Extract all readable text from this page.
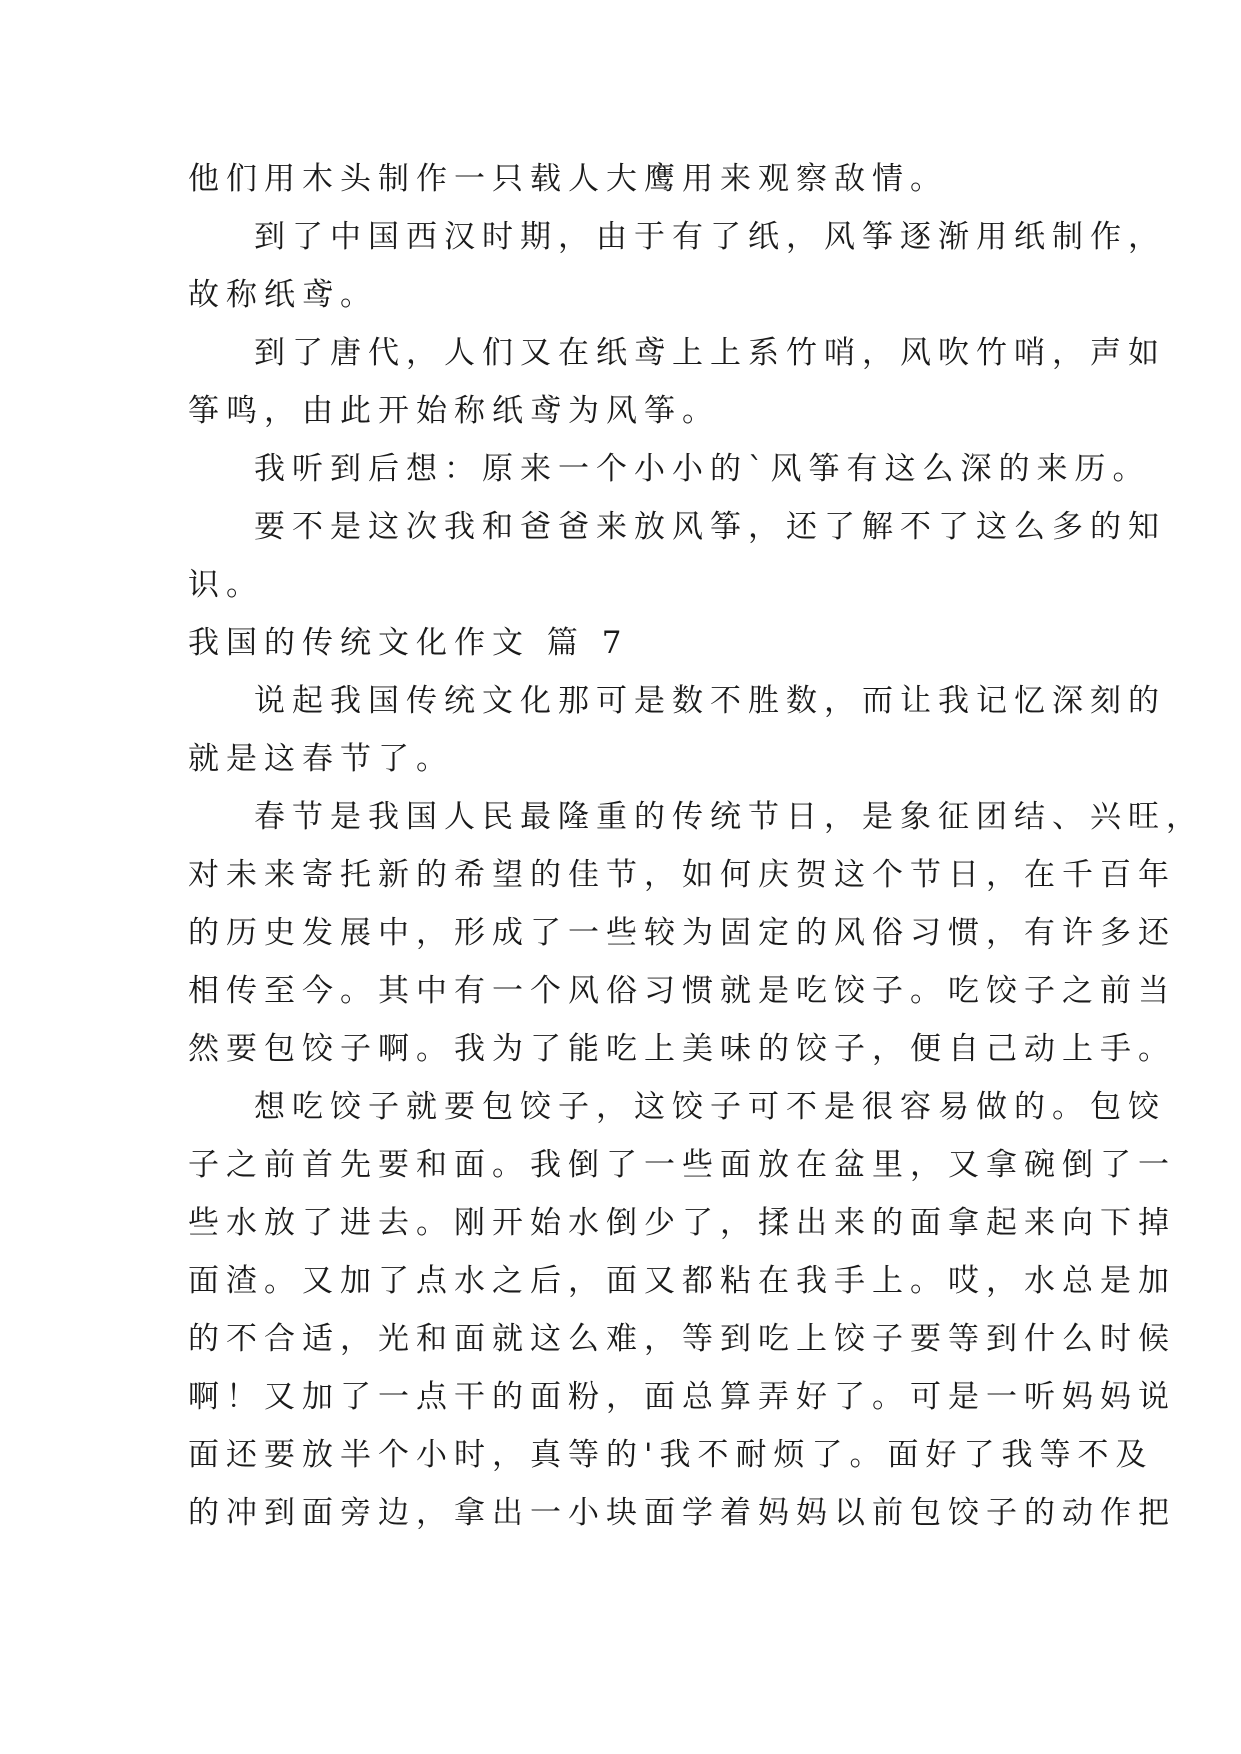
他们用木头制作一只载人大鹰用来观察敌情。
到了中国西汉时期，由于有了纸，风筝逐渐用纸制作，
故称纸鸢。
到了唐代，人们又在纸鸢上上系竹哨，风吹竹哨，声如
筝鸣，由此开始称纸鸢为风筝。
我听到后想：原来一个小小的`风筝有这么深的来历。
要不是这次我和爸爸来放风筝，还了解不了这么多的知
识。
我国的传统文化作文 篇 7
说起我国传统文化那可是数不胜数，而让我记忆深刻的
就是这春节了。
春节是我国人民最隆重的传统节日，是象征团结、兴旺，
对未来寄托新的希望的佳节，如何庆贺这个节日，在千百年
的历史发展中，形成了一些较为固定的风俗习惯，有许多还
相传至今。其中有一个风俗习惯就是吃饺子。吃饺子之前当
然要包饺子啊。我为了能吃上美味的饺子，便自己动上手。
想吃饺子就要包饺子，这饺子可不是很容易做的。包饺
子之前首先要和面。我倒了一些面放在盆里，又拿碗倒了一
些水放了进去。刚开始水倒少了，揉出来的面拿起来向下掉
面渣。又加了点水之后，面又都粘在我手上。哎，水总是加
的不合适，光和面就这么难，等到吃上饺子要等到什么时候
啊！又加了一点干的面粉，面总算弄好了。可是一听妈妈说
面还要放半个小时，真等的'我不耐烦了。面好了我等不及
的冲到面旁边，拿出一小块面学着妈妈以前包饺子的动作把
